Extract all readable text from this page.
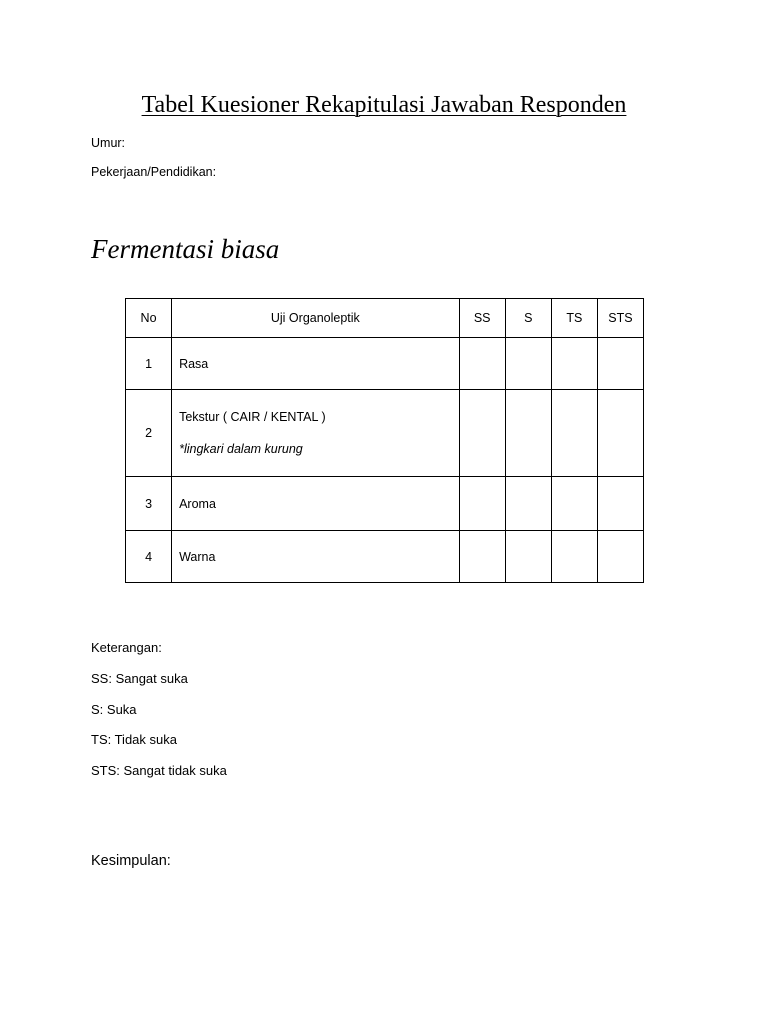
Tabel Kuesioner Rekapitulasi Jawaban Responden

Umur:

Pekerjaan/Pendidikan:

Fermentasi biasa
No	Uji Organoleptik	SS	S	TS	STS
1	Rasa				
2	Tekstur ( CAIR / KENTAL )
*lingkari dalam kurung				

3	Aroma				
4	Warna				

Keterangan:

SS: Sangat suka

S: Suka

TS: Tidak suka

STS: Sangat tidak suka

Kesimpulan:
